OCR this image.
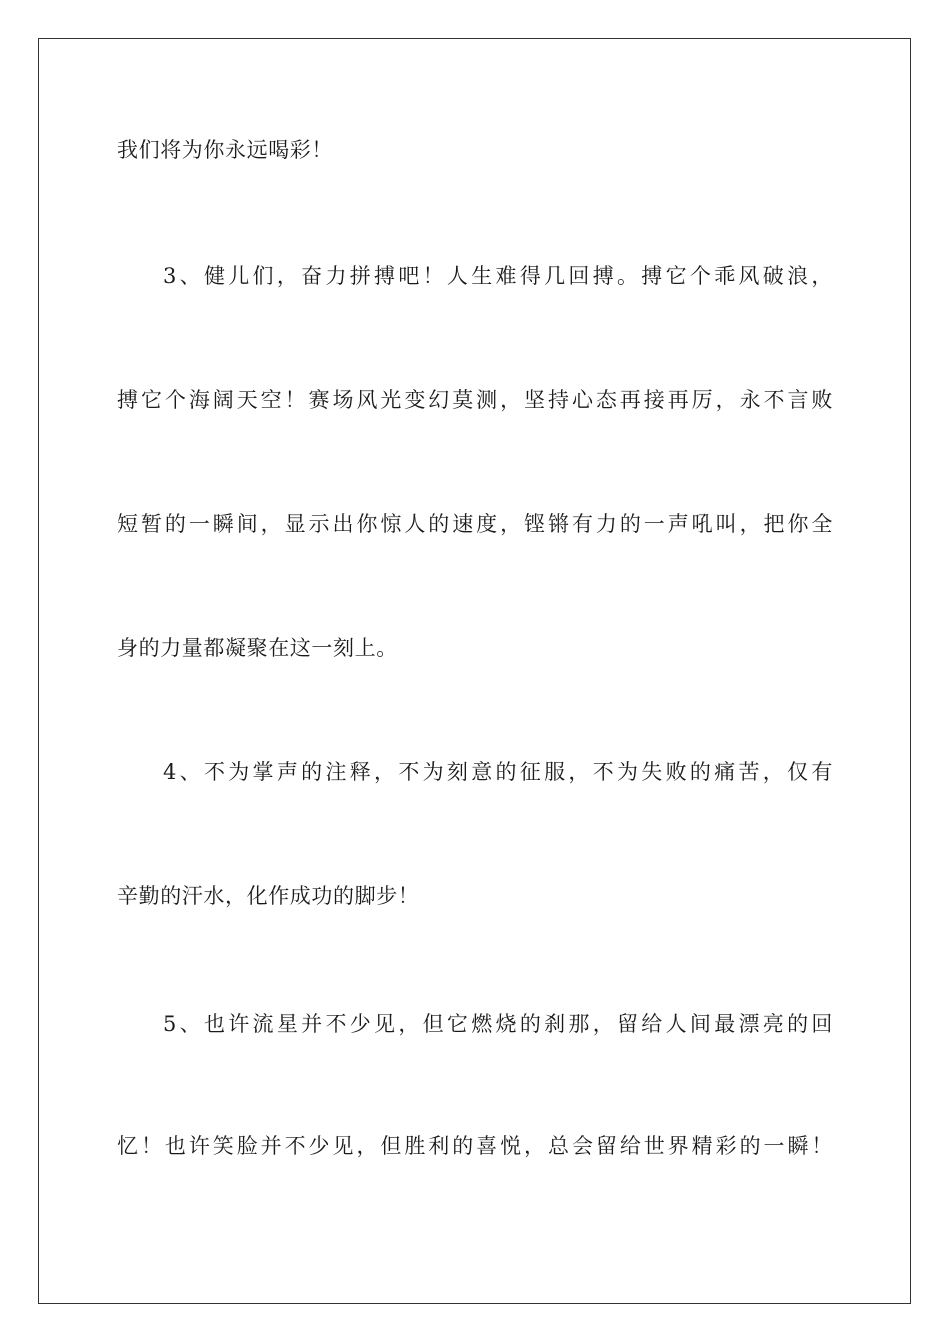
我们将为你永远喝彩！
3、健儿们，奋力拼搏吧！人生难得几回搏。搏它个乖风破浪，
搏它个海阔天空！赛场风光变幻莫测，坚持心态再接再厉，永不言败
短暂的一瞬间，显示出你惊人的速度，铿锵有力的一声吼叫，把你全
身的力量都凝聚在这一刻上。
4、不为掌声的注释，不为刻意的征服，不为失败的痛苦，仅有
辛勤的汗水，化作成功的脚步！
5、也许流星并不少见，但它燃烧的刹那，留给人间最漂亮的回
忆！也许笑脸并不少见，但胜利的喜悦，总会留给世界精彩的一瞬！
